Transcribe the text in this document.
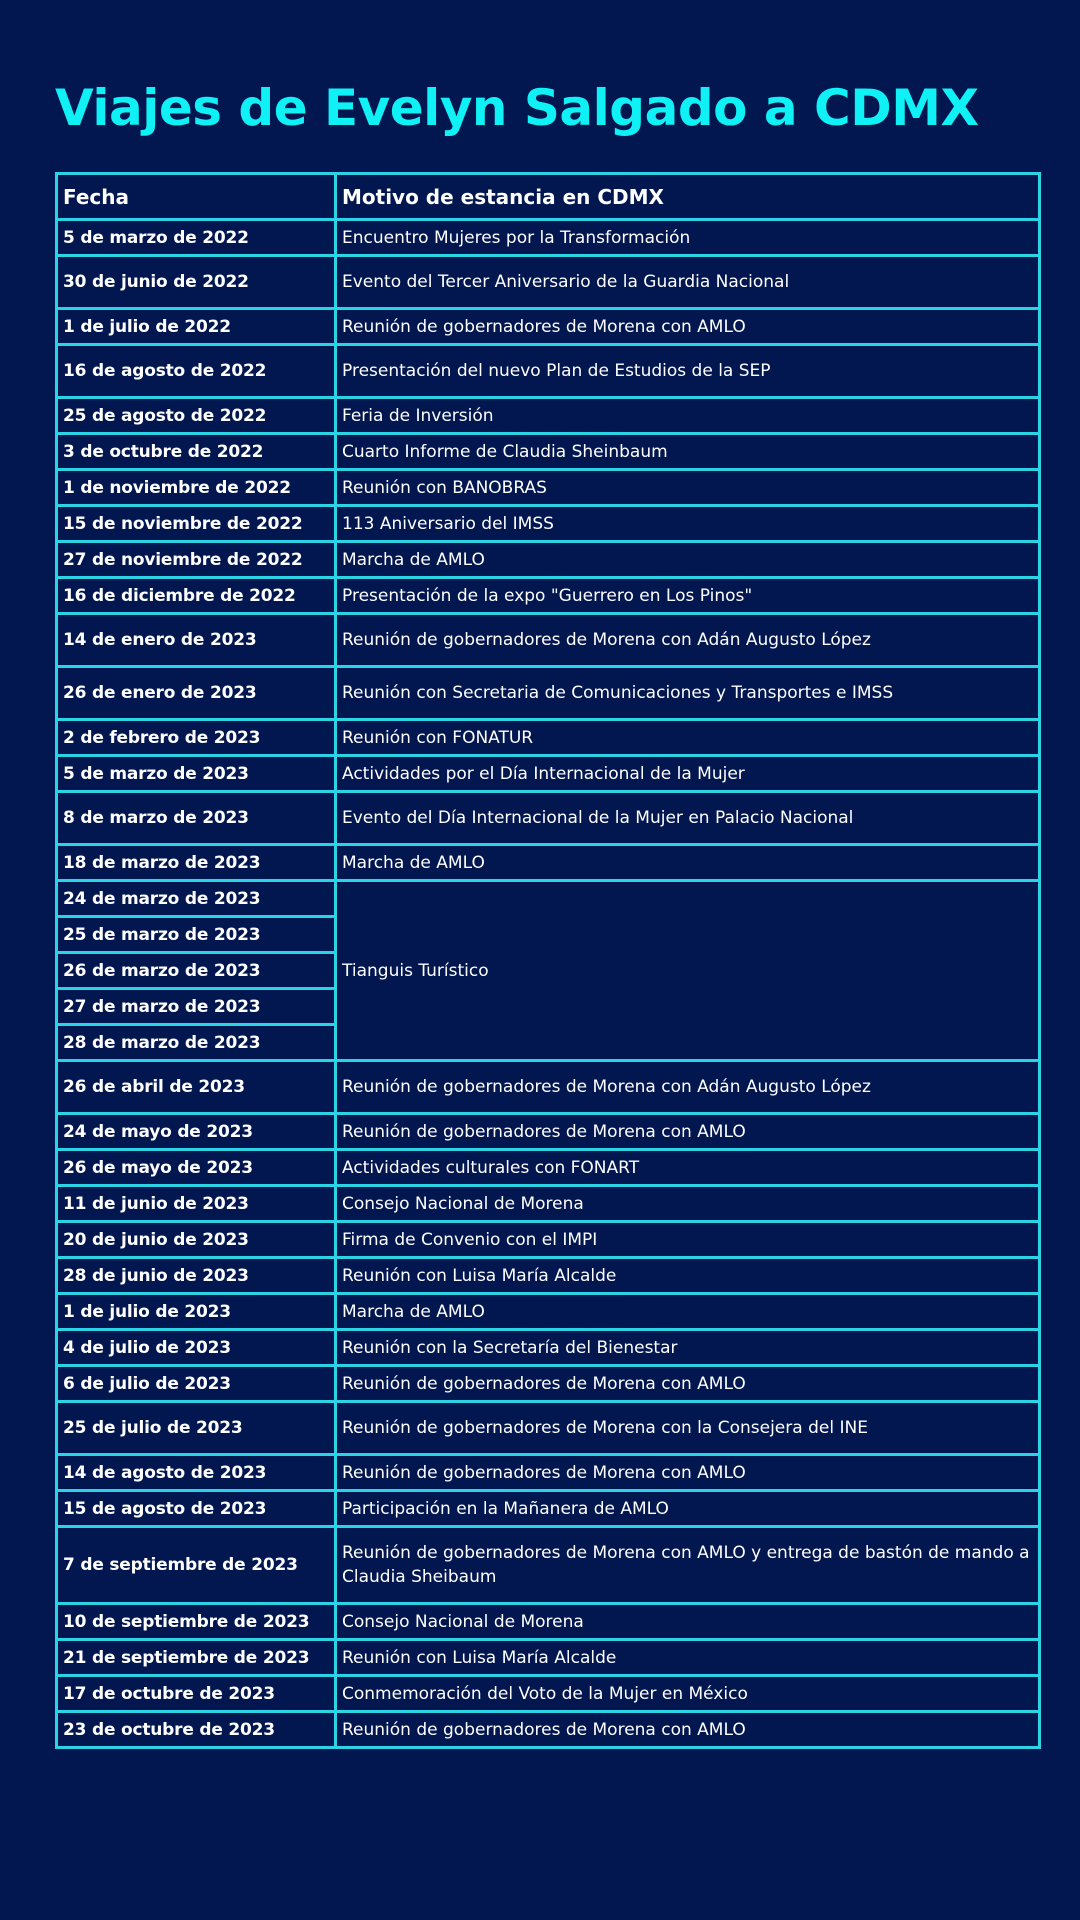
Viajes de Evelyn Salgado a CDMX
Fecha	Motivo de estancia en CDMX
5 de marzo de 2022	Encuentro Mujeres por la Transformación
30 de junio de 2022	Evento del Tercer Aniversario de la Guardia Nacional
1 de julio de 2022	Reunión de gobernadores de Morena con AMLO
16 de agosto de 2022	Presentación del nuevo Plan de Estudios de la SEP
25 de agosto de 2022	Feria de Inversión
3 de octubre de 2022	Cuarto Informe de Claudia Sheinbaum
1 de noviembre de 2022	Reunión con BANOBRAS
15 de noviembre de 2022	113 Aniversario del IMSS
27 de noviembre de 2022	Marcha de AMLO
16 de diciembre de 2022	Presentación de la expo "Guerrero en Los Pinos"
14 de enero de 2023	Reunión de gobernadores de Morena con Adán Augusto López
26 de enero de 2023	Reunión con Secretaria de Comunicaciones y Transportes e IMSS
2 de febrero de 2023	Reunión con FONATUR
5 de marzo de 2023	Actividades por el Día Internacional de la Mujer
8 de marzo de 2023	Evento del Día Internacional de la Mujer en Palacio Nacional
18 de marzo de 2023	Marcha de AMLO
24 de marzo de 2023	Tianguis Turístico
25 de marzo de 2023	
26 de marzo de 2023	
27 de marzo de 2023	
28 de marzo de 2023	
26 de abril de 2023	Reunión de gobernadores de Morena con Adán Augusto López
24 de mayo de 2023	Reunión de gobernadores de Morena con AMLO
26 de mayo de 2023	Actividades culturales con FONART
11 de junio de 2023	Consejo Nacional de Morena
20 de junio de 2023	Firma de Convenio con el IMPI
28 de junio de 2023	Reunión con Luisa María Alcalde
1 de julio de 2023	Marcha de AMLO
4 de julio de 2023	Reunión con la Secretaría del Bienestar
6 de julio de 2023	Reunión de gobernadores de Morena con AMLO
25 de julio de 2023	Reunión de gobernadores de Morena con la Consejera del INE
14 de agosto de 2023	Reunión de gobernadores de Morena con AMLO
15 de agosto de 2023	Participación en la Mañanera de AMLO
7 de septiembre de 2023	Reunión de gobernadores de Morena con AMLO y entrega de bastón de mando a Claudia Sheibaum
10 de septiembre de 2023	Consejo Nacional de Morena
21 de septiembre de 2023	Reunión con Luisa María Alcalde
17 de octubre de 2023	Conmemoración del Voto de la Mujer en México
23 de octubre de 2023	Reunión de gobernadores de Morena con AMLO
